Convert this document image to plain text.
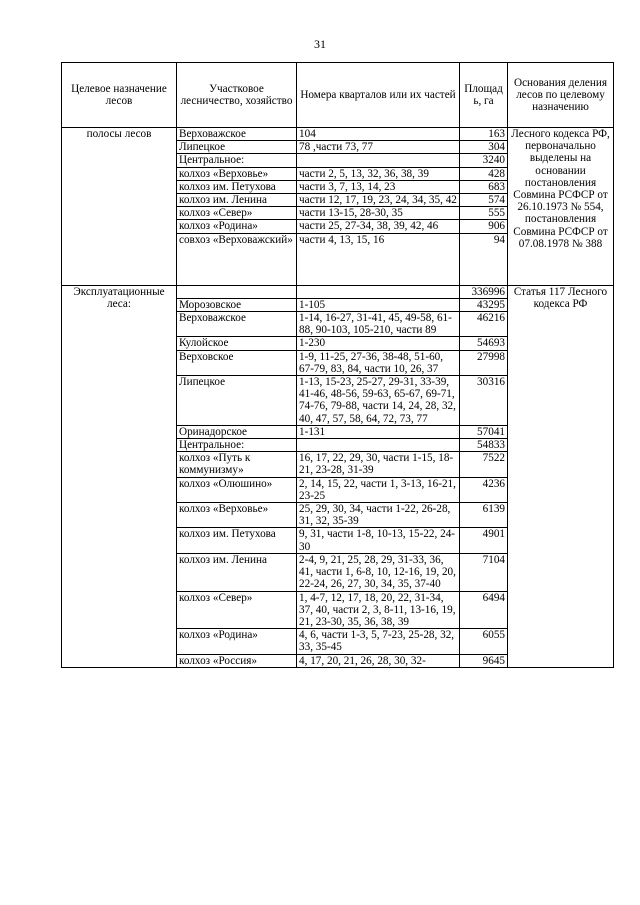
31
Целевое назначение лесов	Участковое лесничество, хозяйство	Номера кварталов или их частей	Площадь, га	Основания деления лесов по целевому назначению
полосы лесов	Верховажское	104	163	Лесного кодекса РФ, первоначально выделены на основании постановления Совмина РСФСР от 26.10.1973 № 554, постановления Совмина РСФСР от 07.08.1978 № 388
	Липецкое	78 ,части 73, 77	304	
	Центральное:		3240	
	колхоз «Верховье»	части 2, 5, 13, 32, 36, 38, 39	428	
	колхоз им. Петухова	части 3, 7, 13, 14, 23	683	
	колхоз им. Ленина	части 12, 17, 19, 23, 24, 34, 35, 42	574	
	колхоз «Север»	части 13-15, 28-30, 35	555	
	колхоз «Родина»	части 25, 27-34, 38, 39, 42, 46	906	
	совхоз «Верховажский»	части 4, 13, 15, 16	94	
Эксплуатационные леса:			336996	Статья 117 Лесного кодекса РФ
	Морозовское	1-105	43295	
	Верховажское	1-14, 16-27, 31-41, 45, 49-58, 61-88, 90-103, 105-210, части 89	46216	
	Кулойское	1-230	54693	
	Верховское	1-9, 11-25, 27-36, 38-48, 51-60, 67-79, 83, 84, части 10, 26, 37	27998	
	Липецкое	1-13, 15-23, 25-27, 29-31, 33-39, 41-46, 48-56, 59-63, 65-67, 69-71, 74-76, 79-88, части 14, 24, 28, 32, 40, 47, 57, 58, 64, 72, 73, 77	30316	
	Оринадорское	1-131	57041	
	Центральное:		54833	
	колхоз «Путь к коммунизму»	16, 17, 22, 29, 30, части 1-15, 18-21, 23-28, 31-39	7522	
	колхоз «Олюшино»	2, 14, 15, 22, части 1, 3-13, 16-21, 23-25	4236	
	колхоз «Верховье»	25, 29, 30, 34, части 1-22, 26-28, 31, 32, 35-39	6139	
	колхоз им. Петухова	9, 31, части 1-8, 10-13, 15-22, 24-30	4901	
	колхоз им. Ленина	2-4, 9, 21, 25, 28, 29, 31-33, 36, 41, части 1, 6-8, 10, 12-16, 19, 20, 22-24, 26, 27, 30, 34, 35, 37-40	7104	
	колхоз «Север»	1, 4-7, 12, 17, 18, 20, 22, 31-34, 37, 40, части 2, 3, 8-11, 13-16, 19, 21, 23-30, 35, 36, 38, 39	6494	
	колхоз «Родина»	4, 6, части 1-3, 5, 7-23, 25-28, 32, 33, 35-45	6055	
	колхоз «Россия»	4, 17, 20, 21, 26, 28, 30, 32-	9645	
